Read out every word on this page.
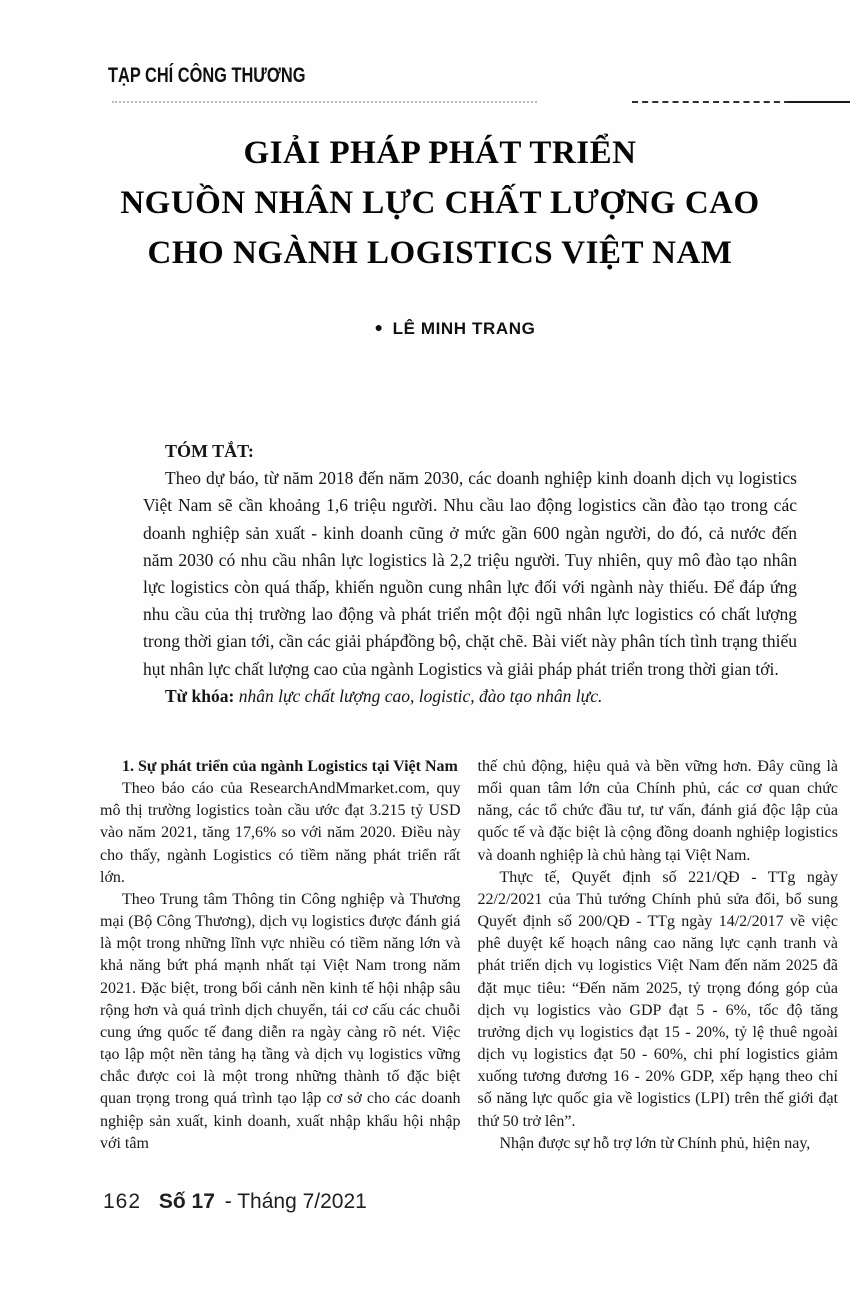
TẠP CHÍ CÔNG THƯƠNG
GIẢI PHÁP PHÁT TRIỂN
NGUỒN NHÂN LỰC CHẤT LƯỢNG CAO
CHO NGÀNH LOGISTICS VIỆT NAM
● LÊ MINH TRANG
TÓM TẮT:

Theo dự báo, từ năm 2018 đến năm 2030, các doanh nghiệp kinh doanh dịch vụ logistics Việt Nam sẽ cần khoảng 1,6 triệu người. Nhu cầu lao động logistics cần đào tạo trong các doanh nghiệp sản xuất - kinh doanh cũng ở mức gần 600 ngàn người, do đó, cả nước đến năm 2030 có nhu cầu nhân lực logistics là 2,2 triệu người. Tuy nhiên, quy mô đào tạo nhân lực logistics còn quá thấp, khiến nguồn cung nhân lực đối với ngành này thiếu. Để đáp ứng nhu cầu của thị trường lao động và phát triển một đội ngũ nhân lực logistics có chất lượng trong thời gian tới, cần các giải phápđồng bộ, chặt chẽ. Bài viết này phân tích tình trạng thiếu hụt nhân lực chất lượng cao của ngành Logistics và giải pháp phát triển trong thời gian tới.

Từ khóa: nhân lực chất lượng cao, logistic, đào tạo nhân lực.

1. Sự phát triển của ngành Logistics tại Việt Nam

Theo báo cáo của ResearchAndMmarket.com, quy mô thị trường logistics toàn cầu ước đạt 3.215 tỷ USD vào năm 2021, tăng 17,6% so với năm 2020. Điều này cho thấy, ngành Logistics có tiềm năng phát triển rất lớn.

Theo Trung tâm Thông tin Công nghiệp và Thương mại (Bộ Công Thương), dịch vụ logistics được đánh giá là một trong những lĩnh vực nhiều có tiềm năng lớn và khả năng bứt phá mạnh nhất tại Việt Nam trong năm 2021. Đặc biệt, trong bối cảnh nền kinh tế hội nhập sâu rộng hơn và quá trình dịch chuyển, tái cơ cấu các chuỗi cung ứng quốc tế đang diễn ra ngày càng rõ nét. Việc tạo lập một nền tảng hạ tầng và dịch vụ logistics vững chắc được coi là một trong những thành tố đặc biệt quan trọng trong quá trình tạo lập cơ sở cho các doanh nghiệp sản xuất, kinh doanh, xuất nhập khẩu hội nhập với tâm

thế chủ động, hiệu quả và bền vững hơn. Đây cũng là mối quan tâm lớn của Chính phủ, các cơ quan chức năng, các tổ chức đầu tư, tư vấn, đánh giá độc lập của quốc tế và đặc biệt là cộng đồng doanh nghiệp logistics và doanh nghiệp là chủ hàng tại Việt Nam.

Thực tế, Quyết định số 221/QĐ - TTg ngày 22/2/2021 của Thủ tướng Chính phủ sửa đổi, bổ sung Quyết định số 200/QĐ - TTg ngày 14/2/2017 về việc phê duyệt kế hoạch nâng cao năng lực cạnh tranh và phát triển dịch vụ logistics Việt Nam đến năm 2025 đã đặt mục tiêu: “Đến năm 2025, tỷ trọng đóng góp của dịch vụ logistics vào GDP đạt 5 - 6%, tốc độ tăng trưởng dịch vụ logistics đạt 15 - 20%, tỷ lệ thuê ngoài dịch vụ logistics đạt 50 - 60%, chi phí logistics giảm xuống tương đương 16 - 20% GDP, xếp hạng theo chỉ số năng lực quốc gia về logistics (LPI) trên thế giới đạt thứ 50 trở lên”.

Nhận được sự hỗ trợ lớn từ Chính phủ, hiện nay,

162 Số 17 - Tháng 7/2021
